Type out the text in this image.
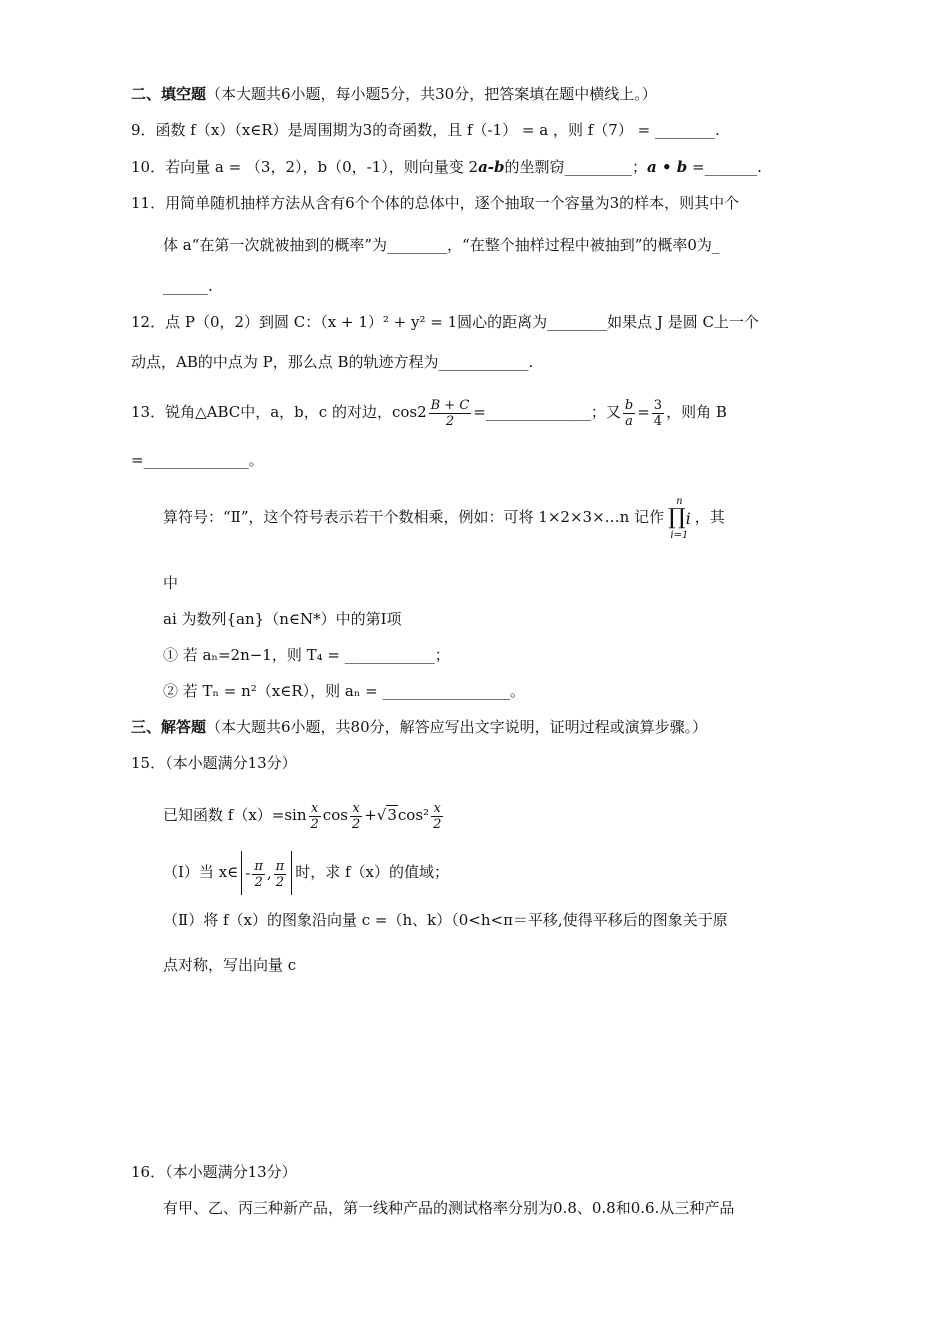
二、填空题（本大题共6小题，每小题5分，共30分，把答案填在题中横线上。）
9．函数 f（x）（x∈R）是周围期为3的奇函数，且 f（-1） = a ，则 f（7） = ________.
10．若向量 a = （3，2），b（0，-1），则向量变 2a-b的坐剽窃_________；a • b =_______.
11．用简单随机抽样方法从含有6个个体的总体中，逐个抽取一个容量为3的样本，则其中个
体 a“在第一次就被抽到的概率”为________，“在整个抽样过程中被抽到”的概率0为_
______.
12．点 P（0，2）到圆 C：（x + 1）² + y² = 1圆心的距离为________如果点 J 是圆 C上一个
动点，AB的中点为 P，那么点 B的轨迹方程为____________.
13．锐角△ABC中，a，b，c 的对边，$\cos 2 \frac{B + C}{2}$ =______________；又 $\frac{b}{a} = \frac{3}{4}$ ，则角 B
=______________。
算符号：“Ⅱ”，这个符号表示若干个数相乘，例如：可将 1×2×3×…n 记作
n
∏i
i=1
，其
中
ai 为数列{an}（n∈N*）中的第Ⅰ项
① 若 aₙ=2n−1，则 T₄ = ____________；
② 若 Tₙ = n²（x∈R），则 aₙ = _________________。
三、解答题（本大题共6小题，共80分，解答应写出文字说明，证明过程或演算步骤。）
15．（本小题满分13分）
已知函数 $f(x)=\sin \frac{x}{2}$ $\cos \frac{x}{2} +√3\cos^2 \frac{x}{2}$
（Ⅰ）当 x∈ - $\frac{\pi}{2}$ , $\frac{\pi}{2}$ 时，求 f（x）的值域；
（Ⅱ）将 f（x）的图象沿向量 c =（h、k）（0<h<π＝平移,使得平移后的图象关于原
点对称，写出向量 c
16．（本小题满分13分）
有甲、乙、丙三种新产品，第一线种产品的测试格率分别为0.8、0.8和0.6.从三种产品
